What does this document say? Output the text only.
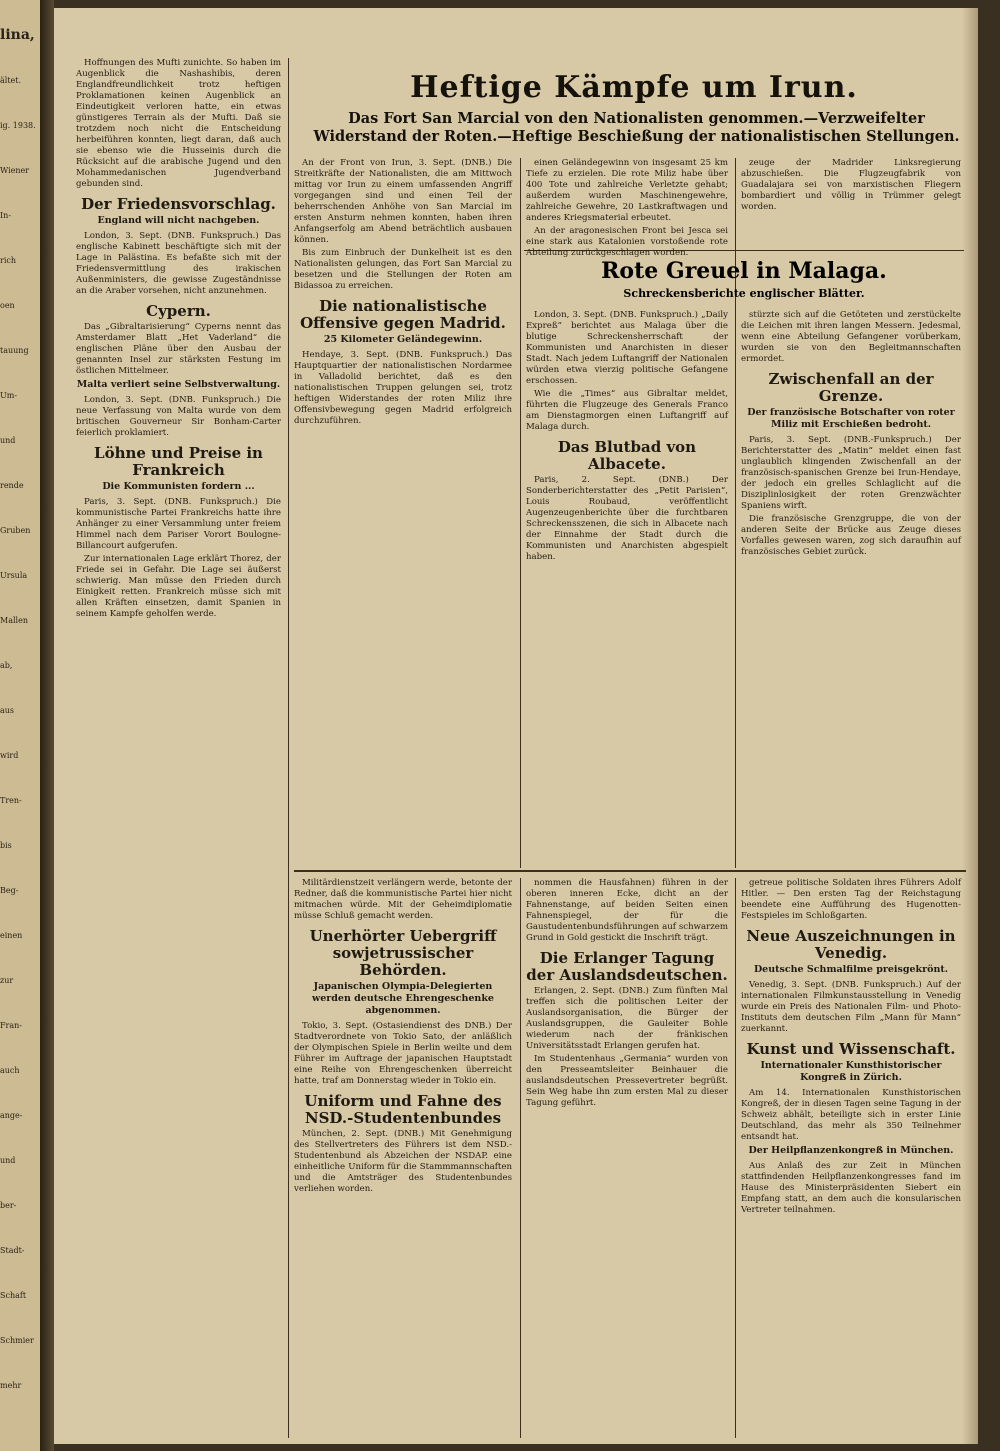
lina,
ältet.
ig. 1938.
Wiener
In-
rich
oen
tauung
Um-
und
rende
Gruben
Ursula
Mallen
ab,
aus
wird
Tren-
bis
Beg-
einen
zur
Fran-
auch
ange-
und
ber-
Stadt-
Schaft
Schmier
mehr

Hoffnungen des Mufti zunichte. So haben im Augenblick die Nashashibis, deren Englandfreundlichkeit trotz heftigen Proklamationen keinen Augenblick an Eindeutigkeit verloren hatte, ein etwas günstigeres Terrain als der Mufti. Daß sie trotzdem noch nicht die Entscheidung herbeiführen konnten, liegt daran, daß auch sie ebenso wie die Husseinis durch die Rücksicht auf die arabische Jugend und den Mohammedanischen Jugendverband gebunden sind.

Der Friedensvorschlag.
England will nicht nachgeben.

London, 3. Sept. (DNB. Funkspruch.) Das englische Kabinett beschäftigte sich mit der Lage in Palästina. Es befaßte sich mit der Friedensvermittlung des irakischen Außenministers, die gewisse Zugeständnisse an die Araber vorsehen, nicht anzunehmen.

Cypern.

Das „Gibraltarisierung“ Cyperns nennt das Amsterdamer Blatt „Het Vaderland“ die englischen Pläne über den Ausbau der genannten Insel zur stärksten Festung im östlichen Mittelmeer.

Malta verliert seine Selbstverwaltung.

London, 3. Sept. (DNB. Funkspruch.) Die neue Verfassung von Malta wurde von dem britischen Gouverneur Sir Bonham-Carter feierlich proklamiert.

Löhne und Preise in Frankreich
Die Kommunisten fordern ...

Paris, 3. Sept. (DNB. Funkspruch.) Die kommunistische Partei Frankreichs hatte ihre Anhänger zu einer Versammlung unter freiem Himmel nach dem Pariser Vorort Boulogne-Billancourt aufgerufen.

Zur internationalen Lage erklärt Thorez, der Friede sei in Gefahr. Die Lage sei äußerst schwierig. Man müsse den Frieden durch Einigkeit retten. Frankreich müsse sich mit allen Kräften einsetzen, damit Spanien in seinem Kampfe geholfen werde.

Heftige Kämpfe um Irun.
Das Fort San Marcial von den Nationalisten genommen.—Verzweifelter Widerstand der Roten.—Heftige Beschießung der nationalistischen Stellungen.

An der Front von Irun, 3. Sept. (DNB.) Die Streitkräfte der Nationalisten, die am Mittwoch mittag vor Irun zu einem umfassenden Angriff vorgegangen sind und einen Teil der beherrschenden Anhöhe von San Marcial im ersten Ansturm nehmen konnten, haben ihren Anfangserfolg am Abend beträchtlich ausbauen können.

Bis zum Einbruch der Dunkelheit ist es den Nationalisten gelungen, das Fort San Marcial zu besetzen und die Stellungen der Roten am Bidassoa zu erreichen.

Die nationalistische Offensive gegen Madrid.
25 Kilometer Geländegewinn.

Hendaye, 3. Sept. (DNB. Funkspruch.) Das Hauptquartier der nationalistischen Nordarmee in Valladolid berichtet, daß es den nationalistischen Truppen gelungen sei, trotz heftigen Widerstandes der roten Miliz ihre Offensivbewegung gegen Madrid erfolgreich durchzuführen.

einen Geländegewinn von insgesamt 25 km Tiefe zu erzielen. Die rote Miliz habe über 400 Tote und zahlreiche Verletzte gehabt; außerdem wurden Maschinengewehre, zahlreiche Gewehre, 20 Lastkraftwagen und anderes Kriegsmaterial erbeutet.

An der aragonesischen Front bei Jesca sei eine stark aus Katalonien vorstoßende rote Abteilung zurückgeschlagen worden.

zeuge der Madrider Linksregierung abzuschießen. Die Flugzeugfabrik von Guadalajara sei von marxistischen Fliegern bombardiert und völlig in Trümmer gelegt worden.

Rote Greuel in Malaga.
Schreckensberichte englischer Blätter.

London, 3. Sept. (DNB. Funkspruch.) „Daily Expreß“ berichtet aus Malaga über die blutige Schreckensherrschaft der Kommunisten und Anarchisten in dieser Stadt. Nach jedem Luftangriff der Nationalen würden etwa vierzig politische Gefangene erschossen.

Wie die „Times“ aus Gibraltar meldet, führten die Flugzeuge des Generals Franco am Dienstagmorgen einen Luftangriff auf Malaga durch.

Das Blutbad von Albacete.

Paris, 2. Sept. (DNB.) Der Sonderberichterstatter des „Petit Parisien“, Louis Roubaud, veröffentlicht Augenzeugenberichte über die furchtbaren Schreckensszenen, die sich in Albacete nach der Einnahme der Stadt durch die Kommunisten und Anarchisten abgespielt haben.

stürzte sich auf die Getöteten und zerstückelte die Leichen mit ihren langen Messern. Jedesmal, wenn eine Abteilung Gefangener vorüberkam, wurden sie von den Begleitmannschaften ermordet.

Zwischenfall an der Grenze.
Der französische Botschafter von roter Miliz mit Erschießen bedroht.

Paris, 3. Sept. (DNB.-Funkspruch.) Der Berichterstatter des „Matin“ meldet einen fast unglaublich klingenden Zwischenfall an der französisch-spanischen Grenze bei Irun-Hendaye, der jedoch ein grelles Schlaglicht auf die Disziplinlosigkeit der roten Grenzwächter Spaniens wirft.

Die französische Grenzgruppe, die von der anderen Seite der Brücke aus Zeuge dieses Vorfalles gewesen waren, zog sich daraufhin auf französisches Gebiet zurück.

Militärdienstzeit verlängern werde, betonte der Redner, daß die kommunistische Partei hier nicht mitmachen würde. Mit der Geheimdiplomatie müsse Schluß gemacht werden.

Unerhörter Uebergriff sowjetrussischer Behörden.
Japanischen Olympia-Delegierten werden deutsche Ehrengeschenke abgenommen.

Tokio, 3. Sept. (Ostasiendienst des DNB.) Der Stadtverordnete von Tokio Sato, der anläßlich der Olympischen Spiele in Berlin weilte und dem Führer im Auftrage der japanischen Hauptstadt eine Reihe von Ehrengeschenken überreicht hatte, traf am Donnerstag wieder in Tokio ein.

Uniform und Fahne des NSD.-Studentenbundes

München, 2. Sept. (DNB.) Mit Genehmigung des Stellvertreters des Führers ist dem NSD.-Studentenbund als Abzeichen der NSDAP. eine einheitliche Uniform für die Stammmannschaften und die Amtsträger des Studentenbundes verliehen worden.

nommen die Hausfahnen) führen in der oberen inneren Ecke, dicht an der Fahnenstange, auf beiden Seiten einen Fahnenspiegel, der für die Gaustudentenbundsführungen auf schwarzem Grund in Gold gestickt die Inschrift trägt.

Die Erlanger Tagung der Auslandsdeutschen.

Erlangen, 2. Sept. (DNB.) Zum fünften Mal treffen sich die politischen Leiter der Auslandsorganisation, die Bürger der Auslandsgruppen, die Gauleiter Bohle wiederum nach der fränkischen Universitätsstadt Erlangen gerufen hat.

Im Studentenhaus „Germania“ wurden von den Presseamtsleiter Beinhauer die auslandsdeutschen Pressevertreter begrüßt. Sein Weg habe ihn zum ersten Mal zu dieser Tagung geführt.

getreue politische Soldaten ihres Führers Adolf Hitler. — Den ersten Tag der Reichstagung beendete eine Aufführung des Hugenotten-Festspieles im Schloßgarten.

Neue Auszeichnungen in Venedig.
Deutsche Schmalfilme preisgekrönt.

Venedig, 3. Sept. (DNB. Funkspruch.) Auf der internationalen Filmkunstausstellung in Venedig wurde ein Preis des Nationalen Film- und Photo-Instituts dem deutschen Film „Mann für Mann“ zuerkannt.

Kunst und Wissenschaft.
Internationaler Kunsthistorischer Kongreß in Zürich.

Am 14. Internationalen Kunsthistorischen Kongreß, der in diesen Tagen seine Tagung in der Schweiz abhält, beteiligte sich in erster Linie Deutschland, das mehr als 350 Teilnehmer entsandt hat.

Der Heilpflanzenkongreß in München.

Aus Anlaß des zur Zeit in München stattfindenden Heilpflanzenkongresses fand im Hause des Ministerpräsidenten Siebert ein Empfang statt, an dem auch die konsularischen Vertreter teilnahmen.
